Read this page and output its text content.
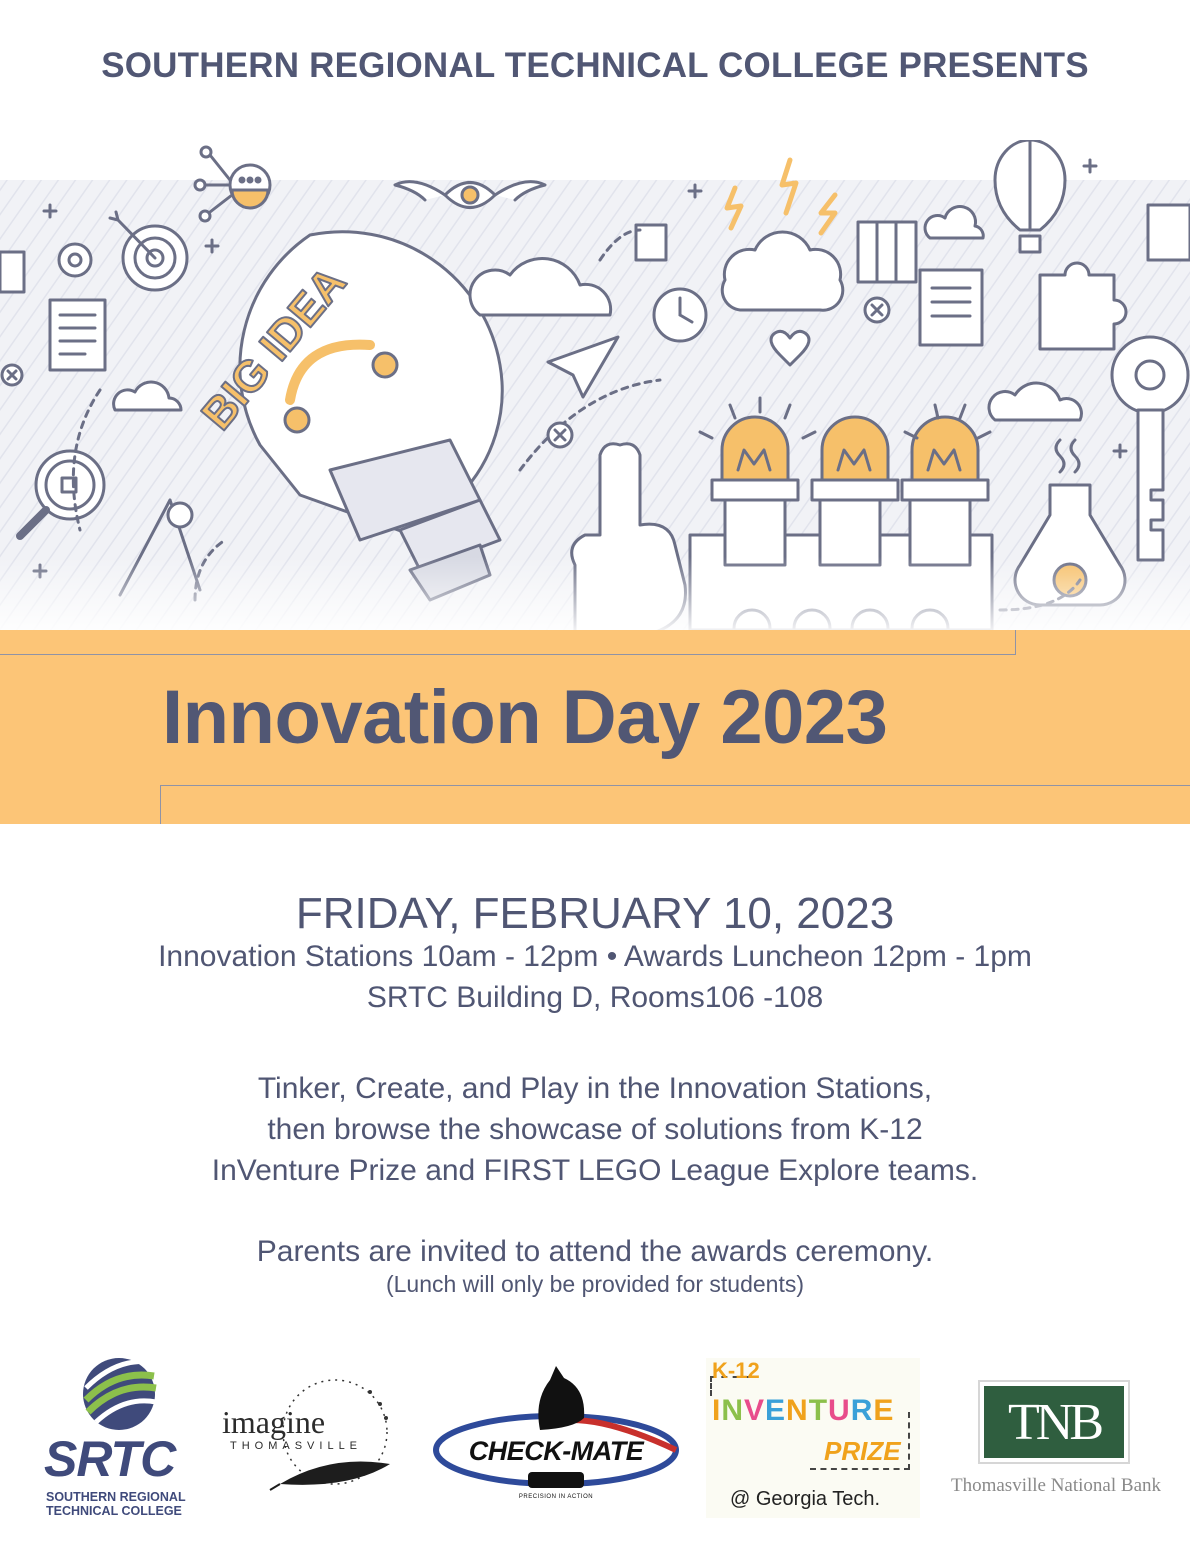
SOUTHERN REGIONAL TECHNICAL COLLEGE PRESENTS
Innovation Day 2023
FRIDAY, FEBRUARY 10, 2023
Innovation Stations 10am - 12pm • Awards Luncheon 12pm - 1pm
SRTC Building D, Rooms106 -108
Tinker, Create, and Play in the Innovation Stations,
then browse the showcase of solutions from K-12
InVenture Prize and FIRST LEGO League Explore teams.
Parents are invited to attend the awards ceremony.
(Lunch will only be provided for students)
SRTC
SOUTHERN REGIONAL
TECHNICAL COLLEGE
imagine
THOMASVILLE	CHECK-MATE
PRECISION IN ACTION
K-12
INVENTURE
PRIZE
@ Georgia Tech.
TNB
Thomasville National Bank
